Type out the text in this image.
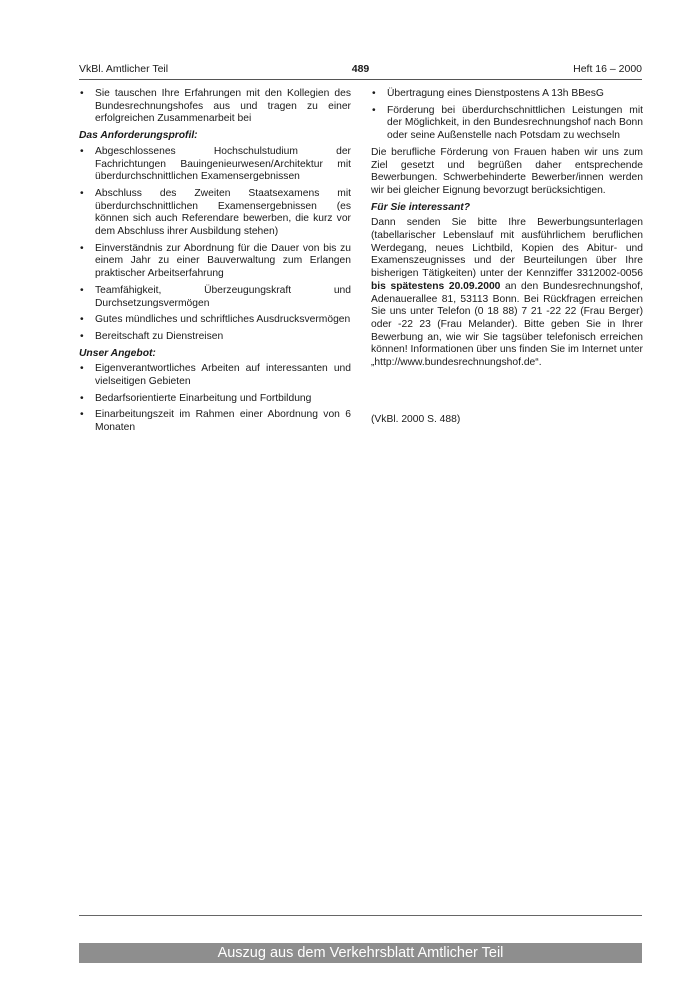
VkBl. Amtlicher Teil	489	Heft 16 – 2000
• Sie tauschen Ihre Erfahrungen mit den Kollegien des Bundesrechnungshofes aus und tragen zu einer erfolgreichen Zusammenarbeit bei
Das Anforderungsprofil:
• Abgeschlossenes Hochschulstudium der Fachrichtungen Bauingenieurwesen/Architektur mit überdurchschnittlichen Examensergebnissen
• Abschluss des Zweiten Staatsexamens mit überdurchschnittlichen Examensergebnissen (es können sich auch Referendare bewerben, die kurz vor dem Abschluss ihrer Ausbildung stehen)
• Einverständnis zur Abordnung für die Dauer von bis zu einem Jahr zu einer Bauverwaltung zum Erlangen praktischer Arbeitserfahrung
• Teamfähigkeit, Überzeugungskraft und Durchsetzungsvermögen
• Gutes mündliches und schriftliches Ausdrucksvermögen
• Bereitschaft zu Dienstreisen
Unser Angebot:
• Eigenverantwortliches Arbeiten auf interessanten und vielseitigen Gebieten
• Bedarfsorientierte Einarbeitung und Fortbildung
• Einarbeitungszeit im Rahmen einer Abordnung von 6 Monaten
• Übertragung eines Dienstpostens A 13h BBesG
• Förderung bei überdurchschnittlichen Leistungen mit der Möglichkeit, in den Bundesrechnungshof nach Bonn oder seine Außenstelle nach Potsdam zu wechseln

Die berufliche Förderung von Frauen haben wir uns zum Ziel gesetzt und begrüßen daher entsprechende Bewerbungen. Schwerbehinderte Bewerber/innen werden wir bei gleicher Eignung bevorzugt berücksichtigen.

Für Sie interessant?

Dann senden Sie bitte Ihre Bewerbungsunterlagen (tabellarischer Lebenslauf mit ausführlichem beruflichen Werdegang, neues Lichtbild, Kopien des Abitur- und Examenszeugnisses und der Beurteilungen über Ihre bisherigen Tätigkeiten) unter der Kennziffer 3312002-0056 bis spätestens 20.09.2000 an den Bundesrechnungshof, Adenauerallee 81, 53113 Bonn. Bei Rückfragen erreichen Sie uns unter Telefon (0 18 88) 7 21 -22 22 (Frau Berger) oder -22 23 (Frau Melander). Bitte geben Sie in Ihrer Bewerbung an, wie wir Sie tagsüber telefonisch erreichen können! Informationen über uns finden Sie im Internet unter „http://www.bundesrechnungshof.de“.

(VkBl. 2000 S. 488)

Auszug aus dem Verkehrsblatt Amtlicher Teil
